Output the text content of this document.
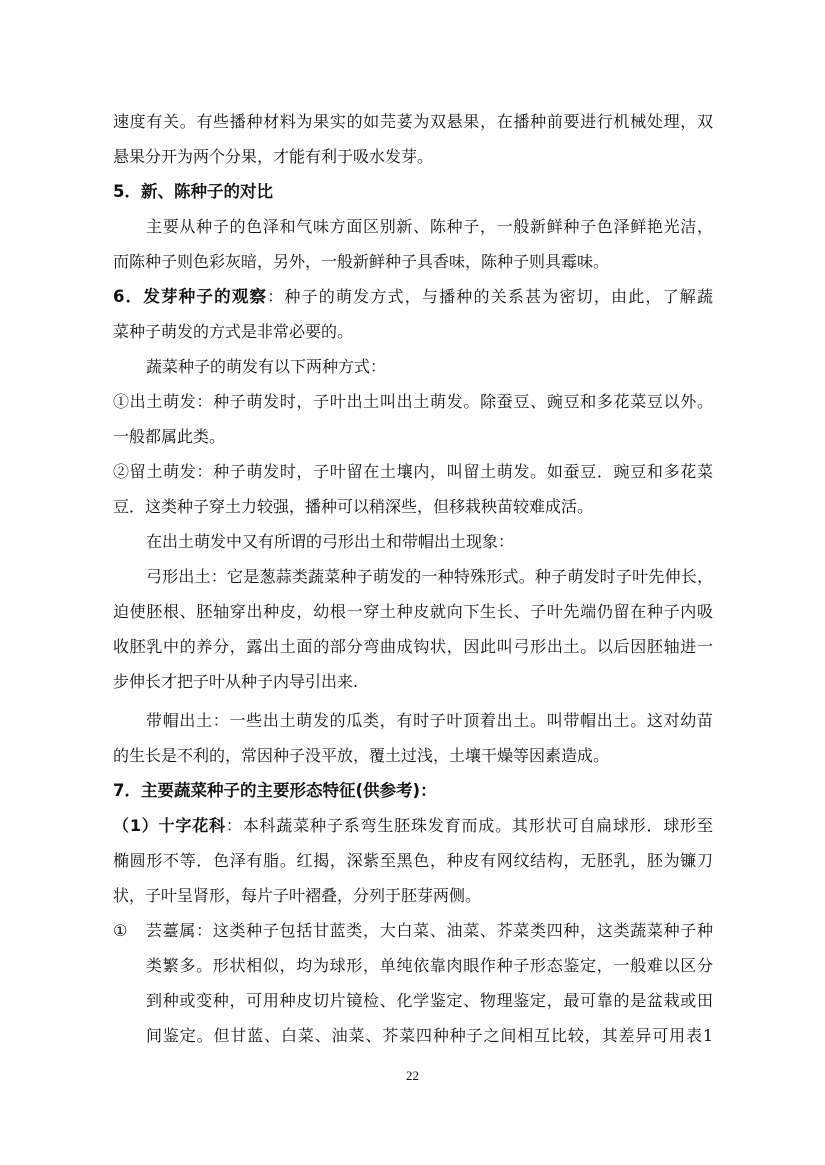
速度有关。有些播种材料为果实的如芫荽为双悬果，在播种前要进行机械处理，双
悬果分开为两个分果，才能有利于吸水发芽。
5．新、陈种子的对比
主要从种子的色泽和气味方面区别新、陈种子，一般新鲜种子色泽鲜艳光洁，
而陈种子则色彩灰暗，另外，一般新鲜种子具香味，陈种子则具霉味。
6．发芽种子的观察：种子的萌发方式，与播种的关系甚为密切，由此，了解蔬
菜种子萌发的方式是非常必要的。
蔬菜种子的萌发有以下两种方式：
①出土萌发：种子萌发时，子叶出土叫出土萌发。除蚕豆、豌豆和多花菜豆以外。
一般都属此类。
②留土萌发：种子萌发时，子叶留在土壤内，叫留土萌发。如蚕豆．豌豆和多花菜
豆．这类种子穿土力较强，播种可以稍深些，但移栽秧苗较难成活。
在出土萌发中又有所谓的弓形出土和带帽出土现象：
弓形出土：它是葱蒜类蔬菜种子萌发的一种特殊形式。种子萌发时子叶先伸长，
迫使胚根、胚轴穿出种皮，幼根一穿土种皮就向下生长、子叶先端仍留在种子内吸
收胚乳中的养分，露出土面的部分弯曲成钩状，因此叫弓形出土。以后因胚轴进一
步伸长才把子叶从种子内导引出来.
带帽出土：一些出土萌发的瓜类，有时子叶顶着出土。叫带帽出土。这对幼苗
的生长是不利的，常因种子没平放，覆土过浅，土壤干燥等因素造成。
7．主要蔬菜种子的主要形态特征(供参考)：
（1）十字花科：本科蔬菜种子系弯生胚珠发育而成。其形状可自扁球形．球形至
椭圆形不等．色泽有脂。红揭，深紫至黑色，种皮有网纹结构，无胚乳，胚为镰刀
状，子叶呈肾形，每片子叶褶叠，分列于胚芽两侧。
① 芸薹属：这类种子包括甘蓝类，大白菜、油菜、芥菜类四种，这类蔬菜种子种
类繁多。形状相似，均为球形，单纯依靠肉眼作种子形态鉴定，一般难以区分
到种或变种，可用种皮切片镜检、化学鉴定、物理鉴定，最可靠的是盆栽或田
间鉴定。但甘蓝、白菜、油菜、芥菜四种种子之间相互比较，其差异可用表1
22
